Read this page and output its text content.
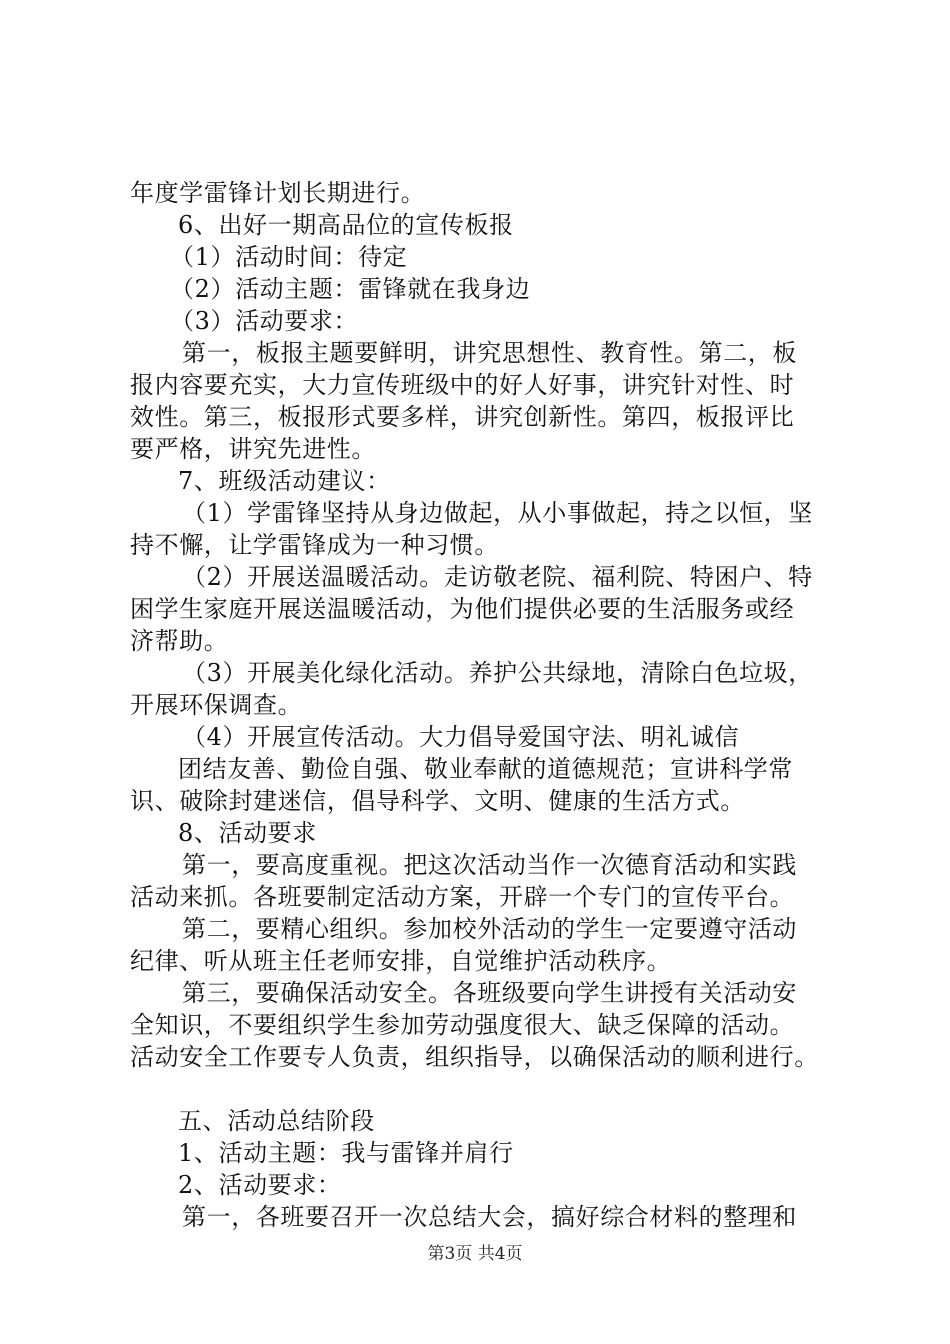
年度学雷锋计划长期进行。
6、出好一期高品位的宣传板报
（1）活动时间：待定
（2）活动主题：雷锋就在我身边
（3）活动要求：
第一，板报主题要鲜明，讲究思想性、教育性。第二，板
报内容要充实，大力宣传班级中的好人好事，讲究针对性、时
效性。第三，板报形式要多样，讲究创新性。第四，板报评比
要严格，讲究先进性。
7、班级活动建议：
（1）学雷锋坚持从身边做起，从小事做起，持之以恒，坚
持不懈，让学雷锋成为一种习惯。
（2）开展送温暖活动。走访敬老院、福利院、特困户、特
困学生家庭开展送温暖活动，为他们提供必要的生活服务或经
济帮助。
（3）开展美化绿化活动。养护公共绿地，清除白色垃圾，
开展环保调查。
（4）开展宣传活动。大力倡导爱国守法、明礼诚信
团结友善、勤俭自强、敬业奉献的道德规范；宣讲科学常
识、破除封建迷信，倡导科学、文明、健康的生活方式。
8、活动要求
第一，要高度重视。把这次活动当作一次德育活动和实践
活动来抓。各班要制定活动方案，开辟一个专门的宣传平台。
第二，要精心组织。参加校外活动的学生一定要遵守活动
纪律、听从班主任老师安排，自觉维护活动秩序。
第三，要确保活动安全。各班级要向学生讲授有关活动安
全知识，不要组织学生参加劳动强度很大、缺乏保障的活动。
活动安全工作要专人负责，组织指导，以确保活动的顺利进行。
五、活动总结阶段
1、活动主题：我与雷锋并肩行
2、活动要求：
第一，各班要召开一次总结大会，搞好综合材料的整理和
第3页 共4页
